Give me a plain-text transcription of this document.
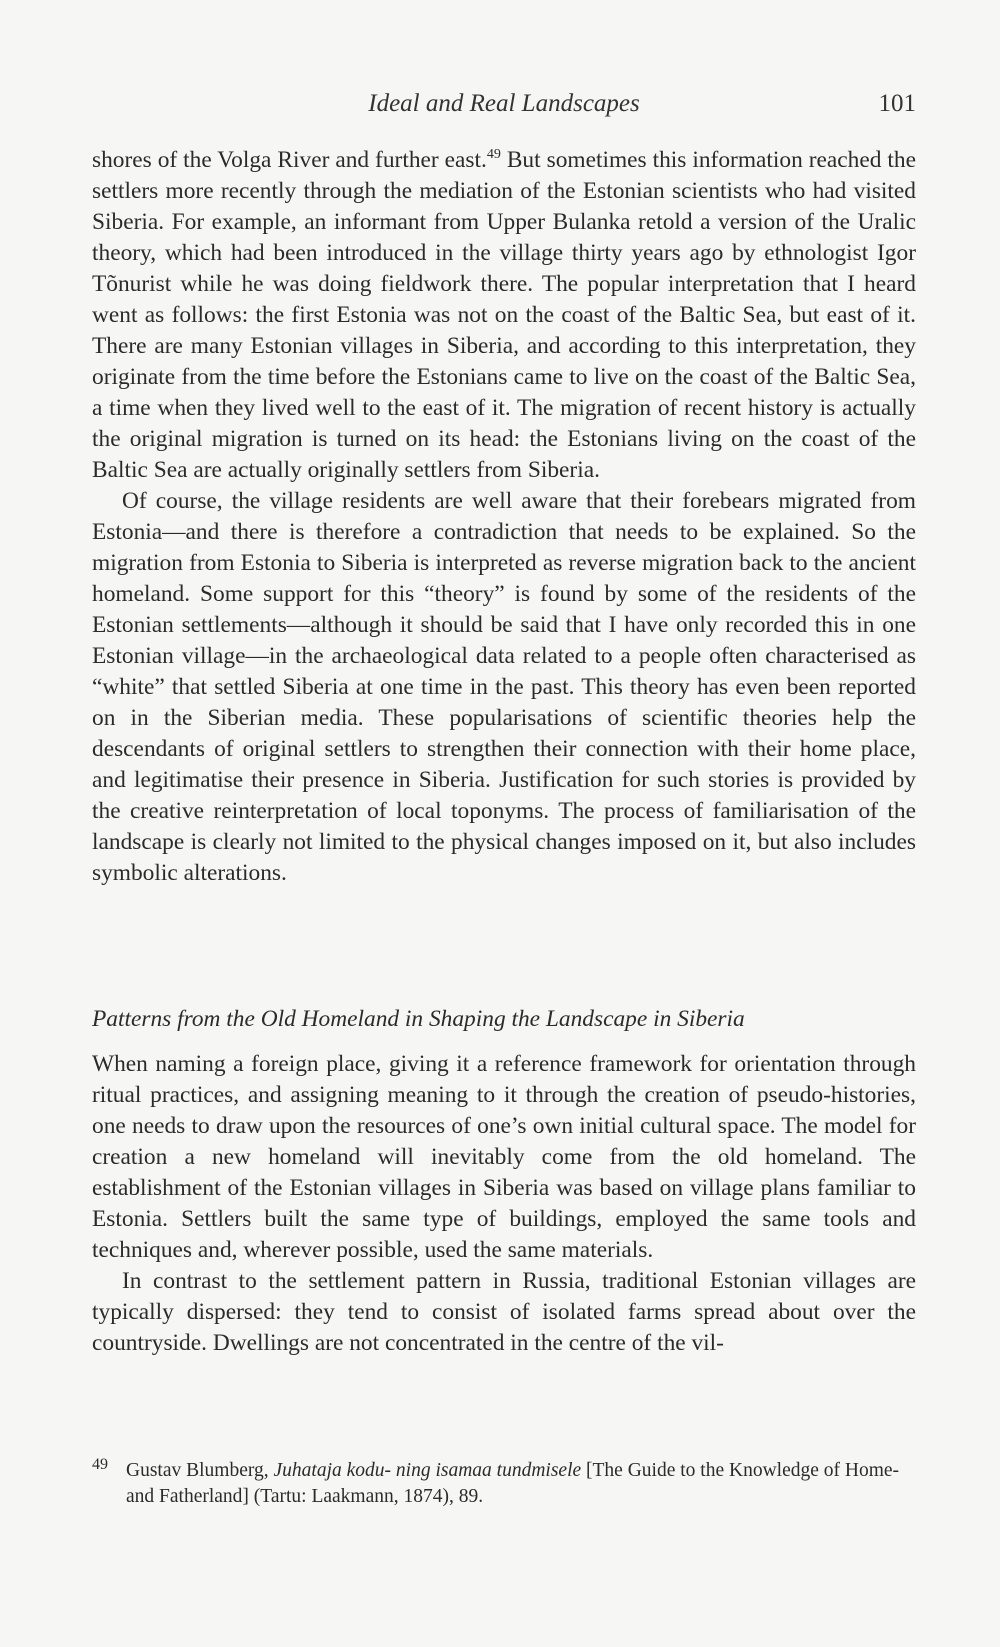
Ideal and Real Landscapes	101

shores of the Volga River and further east.$^{49}$ But sometimes this information reached the settlers more recently through the mediation of the Estonian scientists who had visited Siberia. For example, an informant from Upper Bulanka retold a version of the Uralic theory, which had been introduced in the village thirty years ago by ethnologist Igor Tõnurist while he was doing fieldwork there. The popular interpretation that I heard went as follows: the first Estonia was not on the coast of the Baltic Sea, but east of it. There are many Estonian villages in Siberia, and according to this interpretation, they originate from the time before the Estonians came to live on the coast of the Baltic Sea, a time when they lived well to the east of it. The migration of recent history is actually the original migration is turned on its head: the Estonians living on the coast of the Baltic Sea are actually originally settlers from Siberia.

Of course, the village residents are well aware that their forebears migrated from Estonia—and there is therefore a contradiction that needs to be explained. So the migration from Estonia to Siberia is interpreted as reverse migration back to the ancient homeland. Some support for this “theory” is found by some of the residents of the Estonian settlements—although it should be said that I have only recorded this in one Estonian village—in the archaeological data related to a people often characterised as “white” that settled Siberia at one time in the past. This theory has even been reported on in the Siberian media. These popularisations of scientific theories help the descendants of original settlers to strengthen their connection with their home place, and legitimatise their presence in Siberia. Justification for such stories is provided by the creative reinterpretation of local toponyms. The process of familiarisation of the landscape is clearly not limited to the physical changes imposed on it, but also includes symbolic alterations.

Patterns from the Old Homeland in Shaping the Landscape in Siberia

When naming a foreign place, giving it a reference framework for orientation through ritual practices, and assigning meaning to it through the creation of pseudo-histories, one needs to draw upon the resources of one’s own initial cultural space. The model for creation a new homeland will inevitably come from the old homeland. The establishment of the Estonian villages in Siberia was based on village plans familiar to Estonia. Settlers built the same type of buildings, employed the same tools and techniques and, wherever possible, used the same materials.

In contrast to the settlement pattern in Russia, traditional Estonian villages are typically dispersed: they tend to consist of isolated farms spread about over the countryside. Dwellings are not concentrated in the centre of the vil-

49 Gustav Blumberg, Juhataja kodu- ning isamaa tundmisele [The Guide to the Knowledge of Home- and Fatherland] (Tartu: Laakmann, 1874), 89.
